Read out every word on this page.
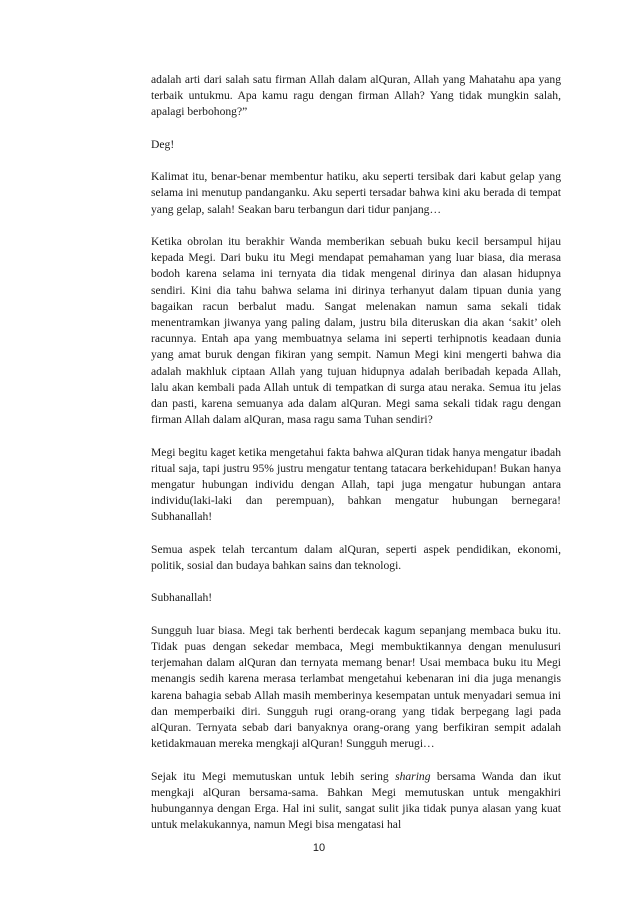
adalah arti dari salah satu firman Allah dalam alQuran, Allah yang Mahatahu apa yang terbaik untukmu. Apa kamu ragu dengan firman Allah? Yang tidak mungkin salah, apalagi berbohong?”

Deg!

Kalimat itu, benar-benar membentur hatiku, aku seperti tersibak dari kabut gelap yang selama ini menutup pandanganku. Aku seperti tersadar bahwa kini aku berada di tempat yang gelap, salah! Seakan baru terbangun dari tidur panjang…

Ketika obrolan itu berakhir Wanda memberikan sebuah buku kecil bersampul hijau kepada Megi. Dari buku itu Megi mendapat pemahaman yang luar biasa, dia merasa bodoh karena selama ini ternyata dia tidak mengenal dirinya dan alasan hidupnya sendiri. Kini dia tahu bahwa selama ini dirinya terhanyut dalam tipuan dunia yang bagaikan racun berbalut madu. Sangat melenakan namun sama sekali tidak menentramkan jiwanya yang paling dalam, justru bila diteruskan dia akan ‘sakit’ oleh racunnya. Entah apa yang membuatnya selama ini seperti terhipnotis keadaan dunia yang amat buruk dengan fikiran yang sempit. Namun Megi kini mengerti bahwa dia adalah makhluk ciptaan Allah yang tujuan hidupnya adalah beribadah kepada Allah, lalu akan kembali pada Allah untuk di tempatkan di surga atau neraka. Semua itu jelas dan pasti, karena semuanya ada dalam alQuran. Megi sama sekali tidak ragu dengan firman Allah dalam alQuran, masa ragu sama Tuhan sendiri?

Megi begitu kaget ketika mengetahui fakta bahwa alQuran tidak hanya mengatur ibadah ritual saja, tapi justru 95% justru mengatur tentang tatacara berkehidupan! Bukan hanya mengatur hubungan individu dengan Allah, tapi juga mengatur hubungan antara individu(laki-laki dan perempuan), bahkan mengatur hubungan bernegara! Subhanallah!

Semua aspek telah tercantum dalam alQuran, seperti aspek pendidikan, ekonomi, politik, sosial dan budaya bahkan sains dan teknologi.

Subhanallah!

Sungguh luar biasa. Megi tak berhenti berdecak kagum sepanjang membaca buku itu. Tidak puas dengan sekedar membaca, Megi membuktikannya dengan menulusuri terjemahan dalam alQuran dan ternyata memang benar! Usai membaca buku itu Megi menangis sedih karena merasa terlambat mengetahui kebenaran ini dia juga menangis karena bahagia sebab Allah masih memberinya kesempatan untuk menyadari semua ini dan memperbaiki diri. Sungguh rugi orang-orang yang tidak berpegang lagi pada alQuran. Ternyata sebab dari banyaknya orang-orang yang berfikiran sempit adalah ketidakmauan mereka mengkaji alQuran! Sungguh merugi…

Sejak itu Megi memutuskan untuk lebih sering sharing bersama Wanda dan ikut mengkaji alQuran bersama-sama. Bahkan Megi memutuskan untuk mengakhiri hubungannya dengan Erga. Hal ini sulit, sangat sulit jika tidak punya alasan yang kuat untuk melakukannya, namun Megi bisa mengatasi hal

10
